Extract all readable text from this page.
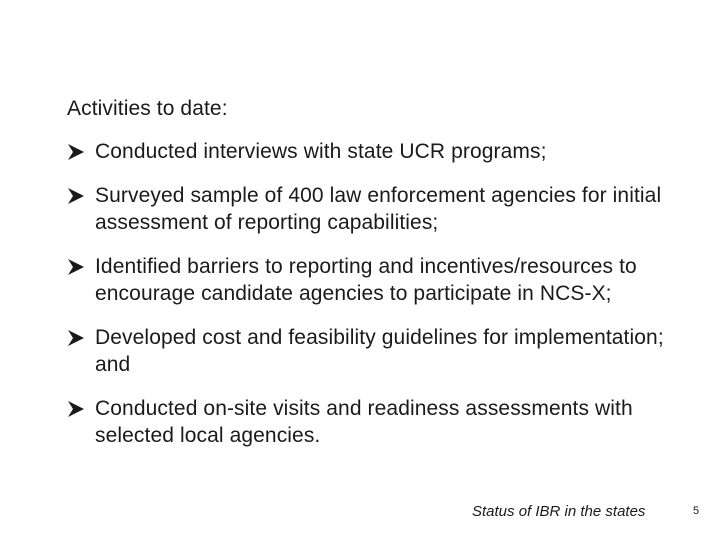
Activities to date:

Conducted interviews with state UCR programs;
Surveyed sample of 400 law enforcement agencies for initial assessment of reporting capabilities;
Identified barriers to reporting and incentives/resources to encourage candidate agencies to participate in NCS-X;
Developed cost and feasibility guidelines for implementation; and
Conducted on-site visits and readiness assessments with selected local agencies.
Status of IBR in the states	5
